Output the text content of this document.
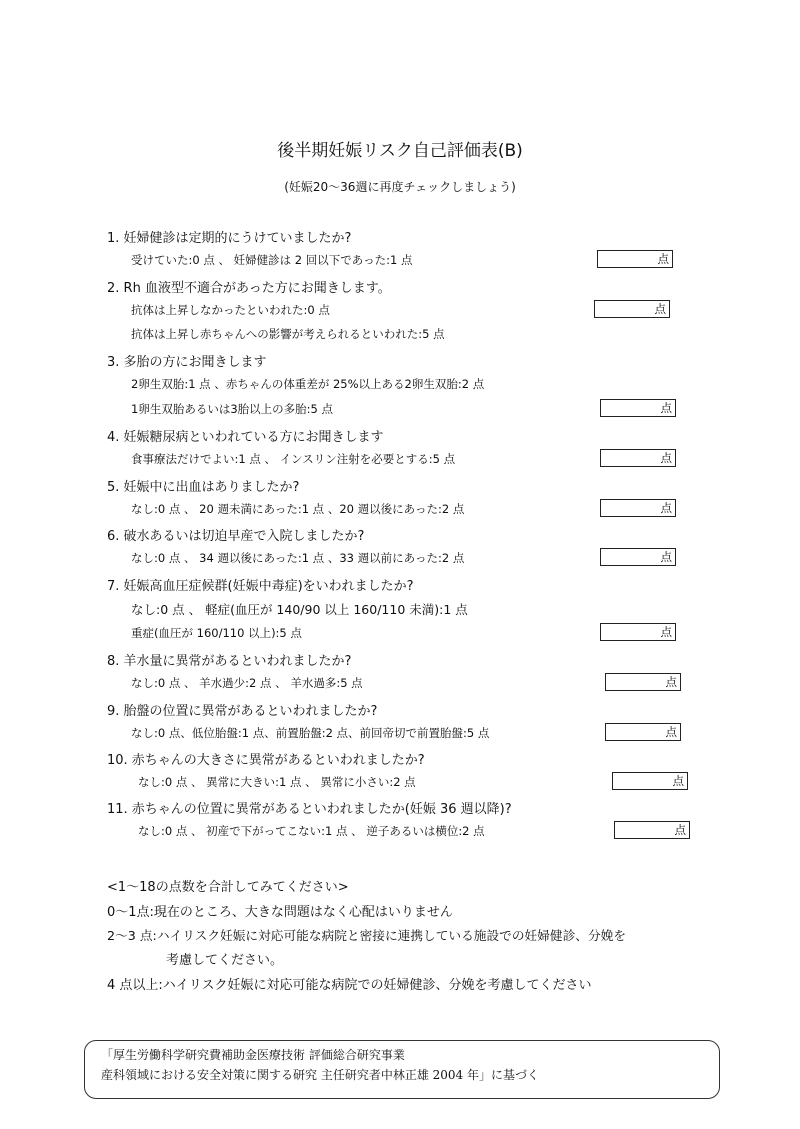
後半期妊娠リスク自己評価表(B)
(妊娠20〜36週に再度チェックしましょう)
1. 妊婦健診は定期的にうけていましたか?
受けていた:0 点 、 妊婦健診は 2 回以下であった:1 点	点
2. Rh 血液型不適合があった方にお聞きします。
抗体は上昇しなかったといわれた:0 点	点
抗体は上昇し赤ちゃんへの影響が考えられるといわれた:5 点
3. 多胎の方にお聞きします
2卵生双胎:1 点 、赤ちゃんの体重差が 25%以上ある2卵生双胎:2 点
1卵生双胎あるいは3胎以上の多胎:5 点	点
4. 妊娠糖尿病といわれている方にお聞きします
食事療法だけでよい:1 点 、 インスリン注射を必要とする:5 点	点
5. 妊娠中に出血はありましたか?
なし:0 点 、 20 週未満にあった:1 点 、20 週以後にあった:2 点	点
6. 破水あるいは切迫早産で入院しましたか?
なし:0 点 、 34 週以後にあった:1 点 、33 週以前にあった:2 点	点
7. 妊娠高血圧症候群(妊娠中毒症)をいわれましたか?
なし:0 点 、 軽症(血圧が 140/90 以上 160/110 未満):1 点
重症(血圧が 160/110 以上):5 点	点
8. 羊水量に異常があるといわれましたか?
なし:0 点 、 羊水過少:2 点 、 羊水過多:5 点	点
9. 胎盤の位置に異常があるといわれましたか?
なし:0 点、低位胎盤:1 点、前置胎盤:2 点、前回帝切で前置胎盤:5 点	点
10. 赤ちゃんの大きさに異常があるといわれましたか?
なし:0 点 、 異常に大きい:1 点 、 異常に小さい:2 点	点
11. 赤ちゃんの位置に異常があるといわれましたか(妊娠 36 週以降)?
なし:0 点 、 初産で下がってこない:1 点 、 逆子あるいは横位:2 点	点
<1〜18の点数を合計してみてください>
0〜1点:現在のところ、大きな問題はなく心配はいりません
2〜3 点:ハイリスク妊娠に対応可能な病院と密接に連携している施設での妊婦健診、分娩を
考慮してください。
4 点以上:ハイリスク妊娠に対応可能な病院での妊婦健診、分娩を考慮してください
「厚生労働科学研究費補助金医療技術 評価総合研究事業
産科領域における安全対策に関する研究 主任研究者中林正雄 2004 年」に基づく
